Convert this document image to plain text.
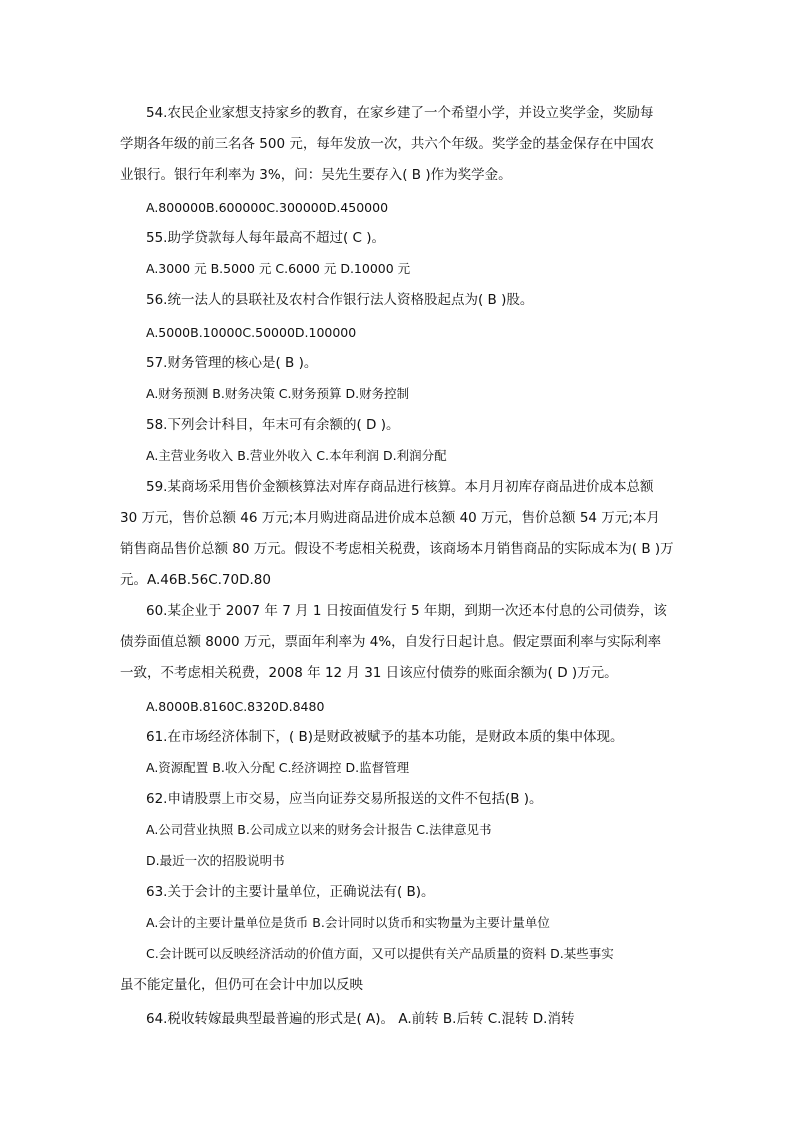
54.农民企业家想支持家乡的教育，在家乡建了一个希望小学，并设立奖学金，奖励每
学期各年级的前三名各 500 元，每年发放一次，共六个年级。奖学金的基金保存在中国农
业银行。银行年利率为 3%，问：吴先生要存入( B )作为奖学金。
A.800000B.600000C.300000D.450000
55.助学贷款每人每年最高不超过( C )。
A.3000 元 B.5000 元 C.6000 元 D.10000 元
56.统一法人的县联社及农村合作银行法人资格股起点为( B )股。
A.5000B.10000C.50000D.100000
57.财务管理的核心是( B )。
A.财务预测 B.财务决策 C.财务预算 D.财务控制
58.下列会计科目，年末可有余额的( D )。
A.主营业务收入 B.营业外收入 C.本年利润 D.利润分配
59.某商场采用售价金额核算法对库存商品进行核算。本月月初库存商品进价成本总额
30 万元，售价总额 46 万元;本月购进商品进价成本总额 40 万元，售价总额 54 万元;本月
销售商品售价总额 80 万元。假设不考虑相关税费，该商场本月销售商品的实际成本为( B )万
元。A.46B.56C.70D.80
60.某企业于 2007 年 7 月 1 日按面值发行 5 年期，到期一次还本付息的公司债券，该
债券面值总额 8000 万元，票面年利率为 4%，自发行日起计息。假定票面利率与实际利率
一致，不考虑相关税费，2008 年 12 月 31 日该应付债券的账面余额为( D )万元。
A.8000B.8160C.8320D.8480
61.在市场经济体制下，( B)是财政被赋予的基本功能，是财政本质的集中体现。
A.资源配置 B.收入分配 C.经济调控 D.监督管理
62.申请股票上市交易，应当向证券交易所报送的文件不包括(B )。
A.公司营业执照 B.公司成立以来的财务会计报告 C.法律意见书
D.最近一次的招股说明书
63.关于会计的主要计量单位，正确说法有( B)。
A.会计的主要计量单位是货币 B.会计同时以货币和实物量为主要计量单位
C.会计既可以反映经济活动的价值方面，又可以提供有关产品质量的资料 D.某些事实
虽不能定量化，但仍可在会计中加以反映
64.税收转嫁最典型最普遍的形式是( A)。 A.前转 B.后转 C.混转 D.消转
